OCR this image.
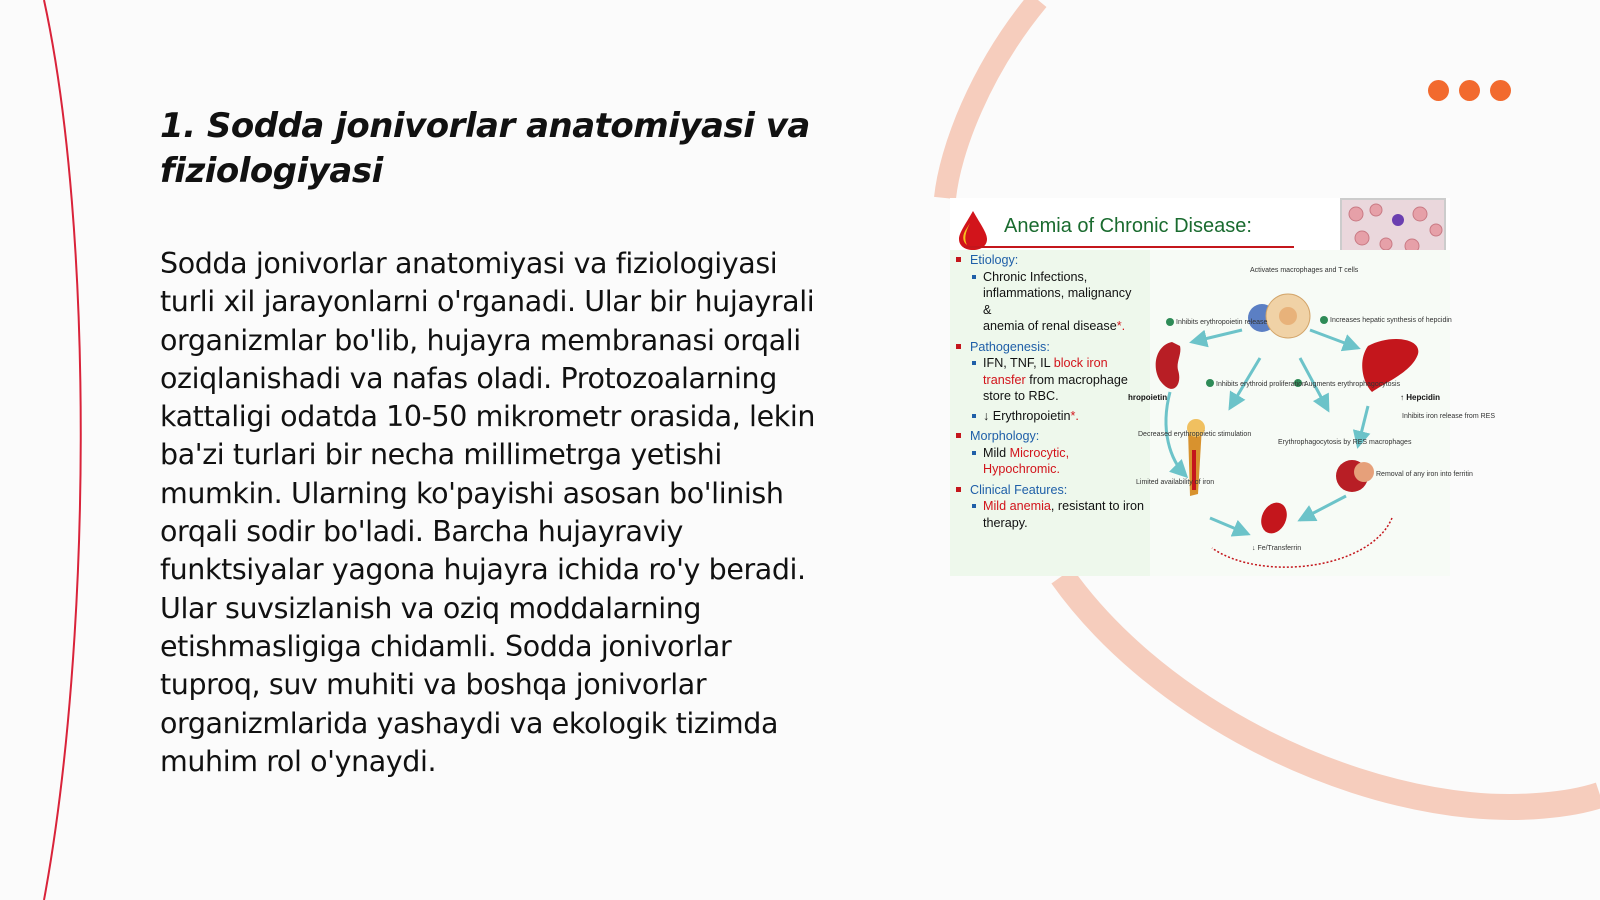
1. Sodda jonivorlar anatomiyasi va fiziologiyasi

Sodda jonivorlar anatomiyasi va fiziologiyasi turli xil jarayonlarni o'rganadi. Ular bir hujayrali organizmlar bo'lib, hujayra membranasi orqali oziqlanishadi va nafas oladi. Protozoalarning kattaligi odatda 10-50 mikrometr orasida, lekin ba'zi turlari bir necha millimetrga yetishi mumkin. Ularning ko'payishi asosan bo'linish orqali sodir bo'ladi. Barcha hujayraviy funktsiyalar yagona hujayra ichida ro'y beradi. Ular suvsizlanish va oziq moddalarning etishmasligiga chidamli. Sodda jonivorlar tuproq, suv muhiti va boshqa jonivorlar organizmlarida yashaydi va ekologik tizimda muhim rol o'ynaydi.

Anemia of Chronic Disease:
Etiology:
Chronic Infections, inflammations, malignancy
&
anemia of renal disease*.
Pathogenesis:
IFN, TNF, IL block iron transfer from macrophage store to RBC.
↓ Erythropoietin*.
Morphology:
Mild Microcytic, Hypochromic.
Clinical Features:
Mild anemia, resistant to iron therapy.
Activates macrophages and T cells
Inhibits erythropoietin release	Increases hepatic synthesis of hepcidin
hropoietin
Inhibits erythroid proliferation
Augments erythrophagocytosis
↑ Hepcidin
Inhibits iron release from RES
Decreased erythropoietic stimulation
Erythrophagocytosis by RES macrophages
Limited availability of iron
Removal of any iron into ferritin
↓ Fe/Transferrin
